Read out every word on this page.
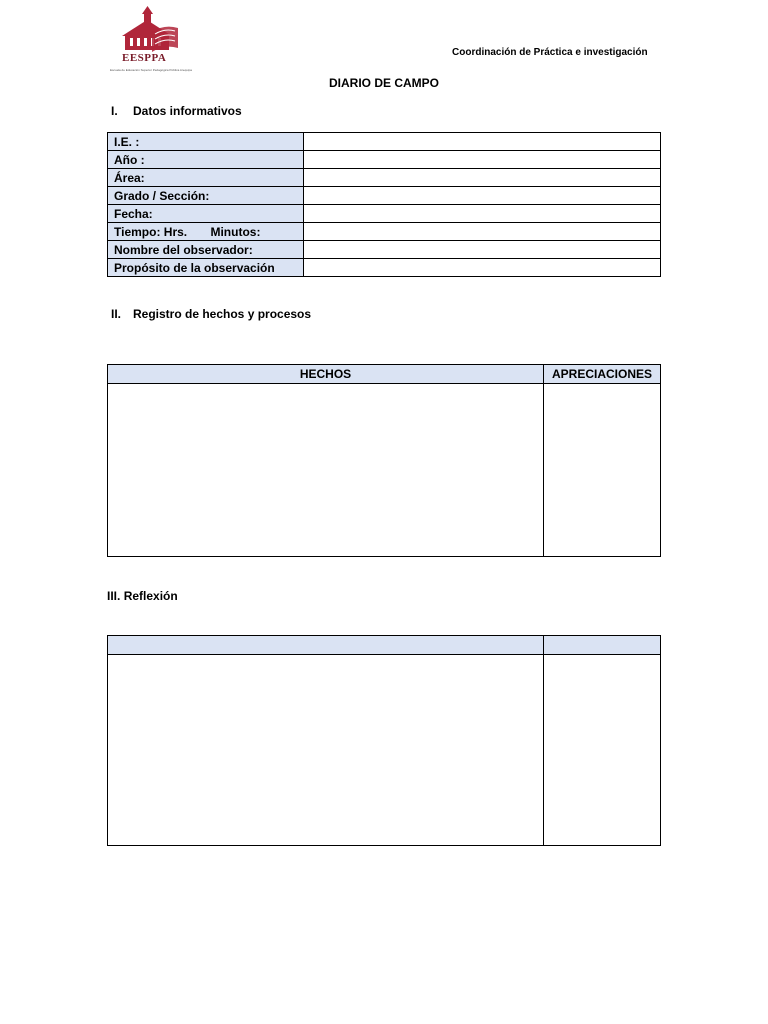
EESPPA
Escuela de Educación Superior Pedagógica Pública Arequipa
Coordinación de Práctica e investigación
DIARIO DE CAMPO
I. Datos informativos
I.E. :	
Año :	
Área:	
Grado / Sección:	
Fecha:	
Tiempo: Hrs.       Minutos:	
Nombre del observador:	
Propósito de la observación	
II. Registro de hechos y procesos
HECHOS	APRECIACIONES

III. Reflexión
